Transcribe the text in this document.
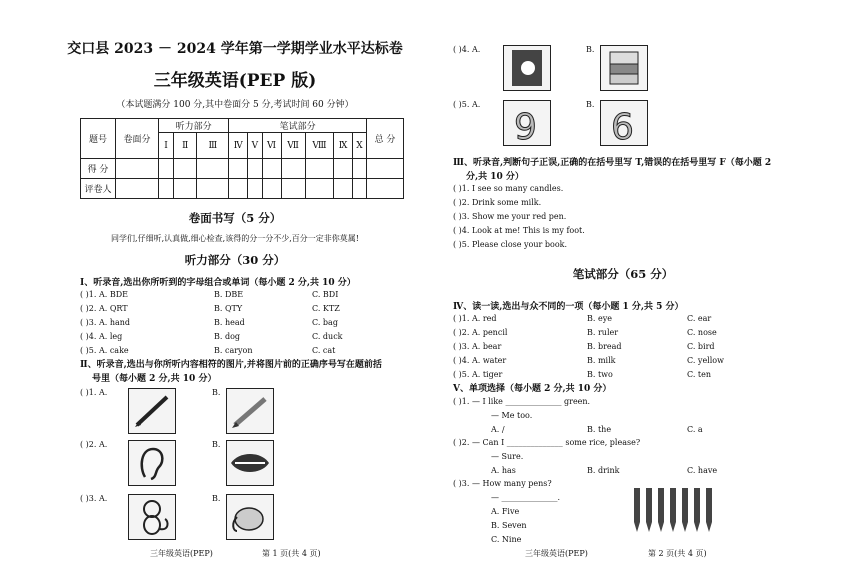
交口县 2023 － 2024 学年第一学期学业水平达标卷
三年级英语(PEP 版)
（本试题满分 100 分,其中卷面分 5 分,考试时间 60 分钟）
题号	卷面分	听力部分			笔试部分							总 分
		Ⅰ	Ⅱ	Ⅲ	Ⅳ	Ⅴ	Ⅵ	Ⅶ	Ⅷ	Ⅸ	Ⅹ	
得 分												
评卷人												
卷面书写（5 分）
同学们,仔细听,认真做,细心检查,该得的分一分不少,百分一定非你莫属!
听力部分（30 分）
Ⅰ、听录音,选出你所听到的字母组合或单词（每小题 2 分,共 10 分）
( )1. A. BDE	B. DBE	C. BDI
( )2. A. QRT	B. QTY	C. KTZ
( )3. A. hand	B. head	C. bag
( )4. A. leg	B. dog	C. duck
( )5. A. cake	B. caryon	C. cat
Ⅱ、听录音,选出与你所听内容相符的图片,并将图片前的正确序号写在题前括
号里（每小题 2 分,共 10 分）
( )1. A.	B.
( )2. A.	B.
( )3. A.	B.
三年级英语(PEP)	第 1 页(共 4 页)
( )4. A.	B.
( )5. A.	B.
9 6
Ⅲ、听录音,判断句子正误,正确的在括号里写 T,错误的在括号里写 F（每小题 2
分,共 10 分）
( )1. I see so many candles.
( )2. Drink some milk.
( )3. Show me your red pen.
( )4. Look at me! This is my foot.
( )5. Please close your book.
笔试部分（65 分）
Ⅳ、读一读,选出与众不同的一项（每小题 1 分,共 5 分）
( )1. A. red	B. eye	C. ear
( )2. A. pencil	B. ruler	C. nose
( )3. A. bear	B. bread	C. bird
( )4. A. water	B. milk	C. yellow
( )5. A. tiger	B. two	C. ten
Ⅴ、单项选择（每小题 2 分,共 10 分）
( )1. — I like ______________ green.
— Me too.
A. /	B. the	C. a
( )2. — Can I ______________ some rice, please?
— Sure.
A. has	B. drink	C. have
( )3. — How many pens?
— ______________.
A. Five
B. Seven
C. Nine
三年级英语(PEP)	第 2 页(共 4 页)
